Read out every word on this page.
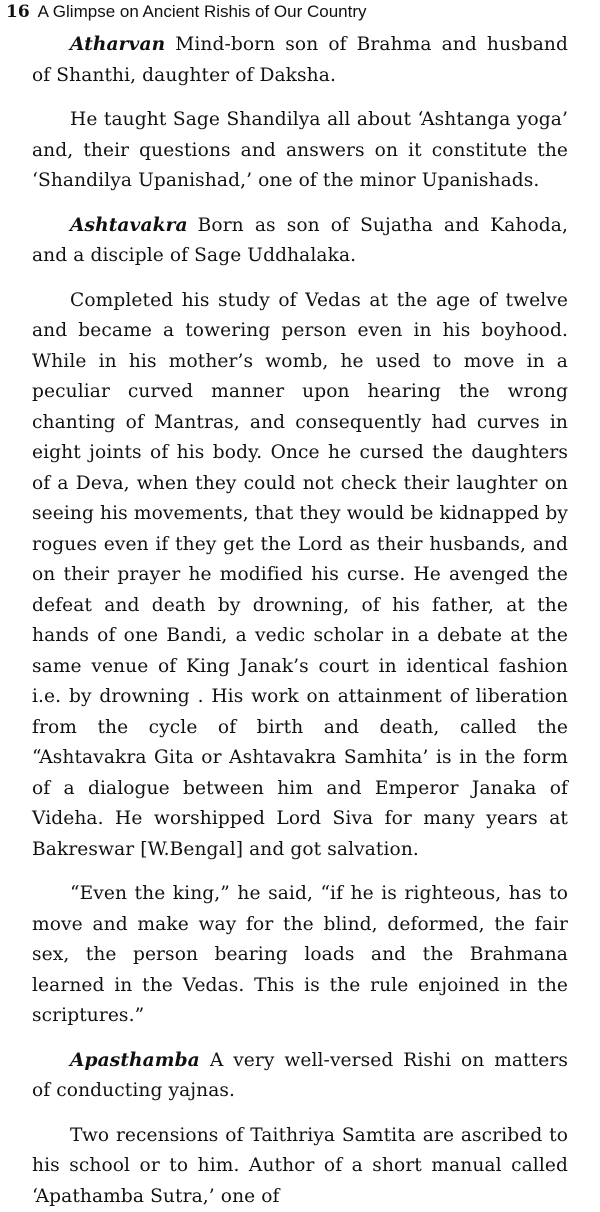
16 A Glimpse on Ancient Rishis of Our Country

Atharvan Mind-born son of Brahma and husband of Shanthi, daughter of Daksha.

He taught Sage Shandilya all about ‘Ashtanga yoga’ and, their questions and answers on it constitute the ‘Shandilya Upanishad,’ one of the minor Upanishads.

Ashtavakra Born as son of Sujatha and Kahoda, and a disciple of Sage Uddhalaka.

Completed his study of Vedas at the age of twelve and became a towering person even in his boyhood. While in his mother’s womb, he used to move in a peculiar curved manner upon hearing the wrong chanting of Mantras, and consequently had curves in eight joints of his body. Once he cursed the daughters of a Deva, when they could not check their laughter on seeing his movements, that they would be kidnapped by rogues even if they get the Lord as their husbands, and on their prayer he modified his curse. He avenged the defeat and death by drowning, of his father, at the hands of one Bandi, a vedic scholar in a debate at the same venue of King Janak’s court in identical fashion i.e. by drowning . His work on attainment of liberation from the cycle of birth and death, called the “Ashtavakra Gita or Ashtavakra Samhita’ is in the form of a dialogue between him and Emperor Janaka of Videha. He worshipped Lord Siva for many years at Bakreswar [W.Bengal] and got salvation.

“Even the king,” he said, “if he is righteous, has to move and make way for the blind, deformed, the fair sex, the person bearing loads and the Brahmana learned in the Vedas. This is the rule enjoined in the scriptures.”

Apasthamba A very well-versed Rishi on matters of conducting yajnas.

Two recensions of Taithriya Samtita are ascribed to his school or to him. Author of a short manual called ‘Apathamba Sutra,’ one of
